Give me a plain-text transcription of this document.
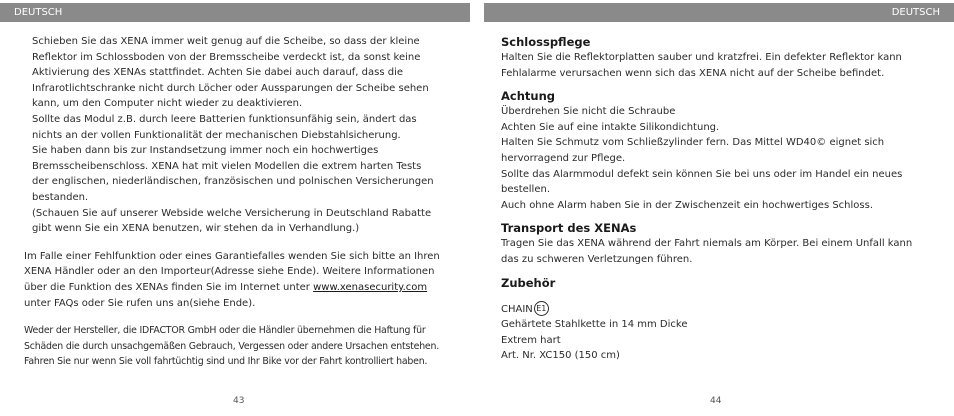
DEUTSCH	DEUTSCH

Schieben Sie das XENA immer weit genug auf die Scheibe, so dass der kleine

Reflektor im Schlossboden von der Bremsscheibe verdeckt ist, da sonst keine

Aktivierung des XENAs stattfindet. Achten Sie dabei auch darauf, dass die

Infrarotlichtschranke nicht durch Löcher oder Aussparungen der Scheibe sehen

kann, um den Computer nicht wieder zu deaktivieren.

Sollte das Modul z.B. durch leere Batterien funktionsunfähig sein, ändert das

nichts an der vollen Funktionalität der mechanischen Diebstahlsicherung.

Sie haben dann bis zur Instandsetzung immer noch ein hochwertiges

Bremsscheibenschloss. XENA hat mit vielen Modellen die extrem harten Tests

der englischen, niederländischen, französischen und polnischen Versicherungen

bestanden.

(Schauen Sie auf unserer Webside welche Versicherung in Deutschland Rabatte

gibt wenn Sie ein XENA benutzen, wir stehen da in Verhandlung.)

Im Falle einer Fehlfunktion oder eines Garantiefalles wenden Sie sich bitte an Ihren XENA Händler oder an den Importeur(Adresse siehe Ende). Weitere Informationen über die Funktion des XENAs finden Sie im Internet unter www.xenasecurity.com
unter FAQs oder Sie rufen uns an(siehe Ende).

Weder der Hersteller, die IDFACTOR GmbH oder die Händler übernehmen die Haftung für Schäden die durch unsachgemäßen Gebrauch, Vergessen oder andere Ursachen entstehen. Fahren Sie nur wenn Sie voll fahrtüchtig sind und Ihr Bike vor der Fahrt kontrolliert haben.

43
Schlosspflege

Halten Sie die Reflektorplatten sauber und kratzfrei. Ein defekter Reflektor kann Fehlalarme verursachen wenn sich das XENA nicht auf der Scheibe befindet.

Achtung

Überdrehen Sie nicht die Schraube

Achten Sie auf eine intakte Silikondichtung.

Halten Sie Schmutz vom Schließzylinder fern. Das Mittel WD40© eignet sich hervorragend zur Pflege.

Sollte das Alarmmodul defekt sein können Sie bei uns oder im Handel ein neues bestellen.

Auch ohne Alarm haben Sie in der Zwischenzeit ein hochwertiges Schloss.

Transport des XENAs

Tragen Sie das XENA während der Fahrt niemals am Körper. Bei einem Unfall kann das zu schweren Verletzungen führen.

Zubehör

CHAIN E1

Gehärtete Stahlkette in 14 mm Dicke

Extrem hart

Art. Nr. XC150 (150 cm)

44
